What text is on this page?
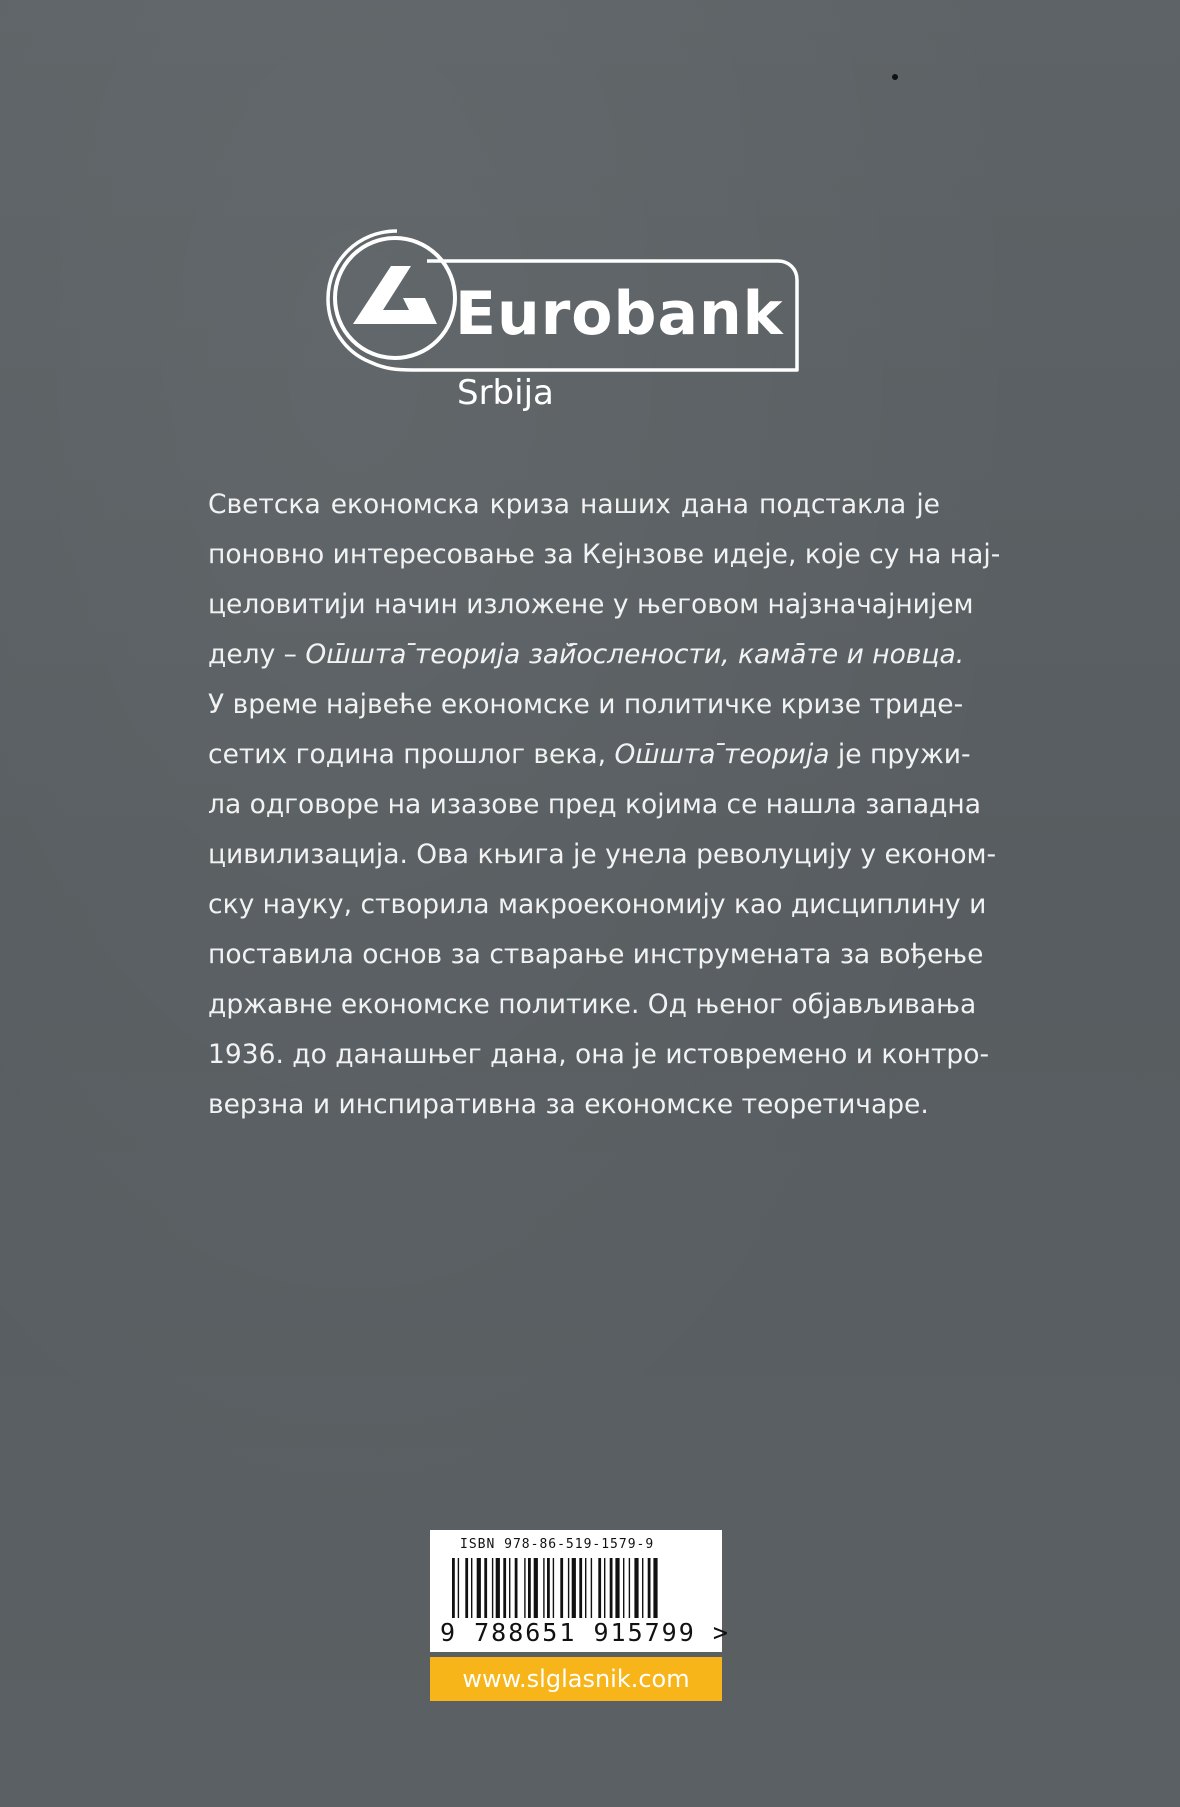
Eurobank
Srbija
Светска економска криза наших дана подстакла је
поновно интересовање за Кејнзове идеје, које су на нај-
целовитији начин изложене у његовом најзначајнијем
делу – Ош̄шта ̄теорија зай̄ослености, кама̄те и новца.
У време највеће економске и политичке кризе триде-
сетих година прошлог века, Ош̄шта ̄теорија је пружи-
ла одговоре на изазове пред којима се нашла западна
цивилизација. Ова књига је унела револуцију у економ-
ску науку, створила макроекономију као дисциплину и
поставила основ за стварање инструмената за вођење
државне економске политике. Од њеног објављивања
1936. до данашњег дана, она је истовремено и контро-
верзна и инспиративна за економске теоретичаре.
ISBN 978-86-519-1579-9
9 788651 915799 >
www.slglasnik.com
